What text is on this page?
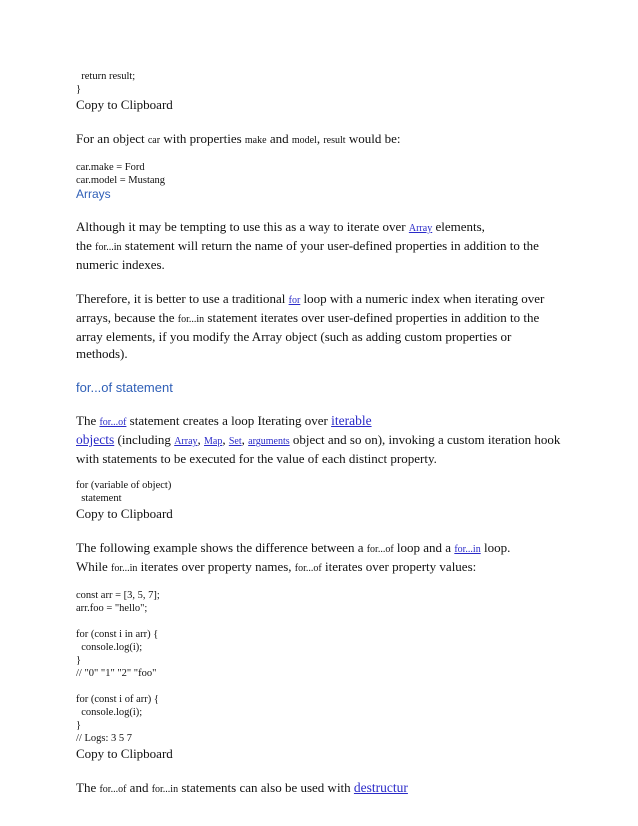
return result;
}

Copy to Clipboard

For an object car with properties make and model, result would be:

car.make = Ford
car.model = Mustang

Arrays

Although it may be tempting to use this as a way to iterate over Array elements,
the for...in statement will return the name of your user-defined properties in addition to the numeric indexes.

Therefore, it is better to use a traditional for loop with a numeric index when iterating over arrays, because the for...in statement iterates over user-defined properties in addition to the array elements, if you modify the Array object (such as adding custom properties or methods).

for...of statement

The for...of statement creates a loop Iterating over iterable
objects (including Array, Map, Set, arguments object and so on), invoking a custom iteration hook with statements to be executed for the value of each distinct property.

for (variable of object)
statement

Copy to Clipboard

The following example shows the difference between a for...of loop and a for...in loop.
While for...in iterates over property names, for...of iterates over property values:

const arr = [3, 5, 7];
arr.foo = "hello";

for (const i in arr) {
console.log(i);
}
// "0" "1" "2" "foo"

for (const i of arr) {
console.log(i);
}
// Logs: 3 5 7

Copy to Clipboard

The for...of and for...in statements can also be used with destructur
